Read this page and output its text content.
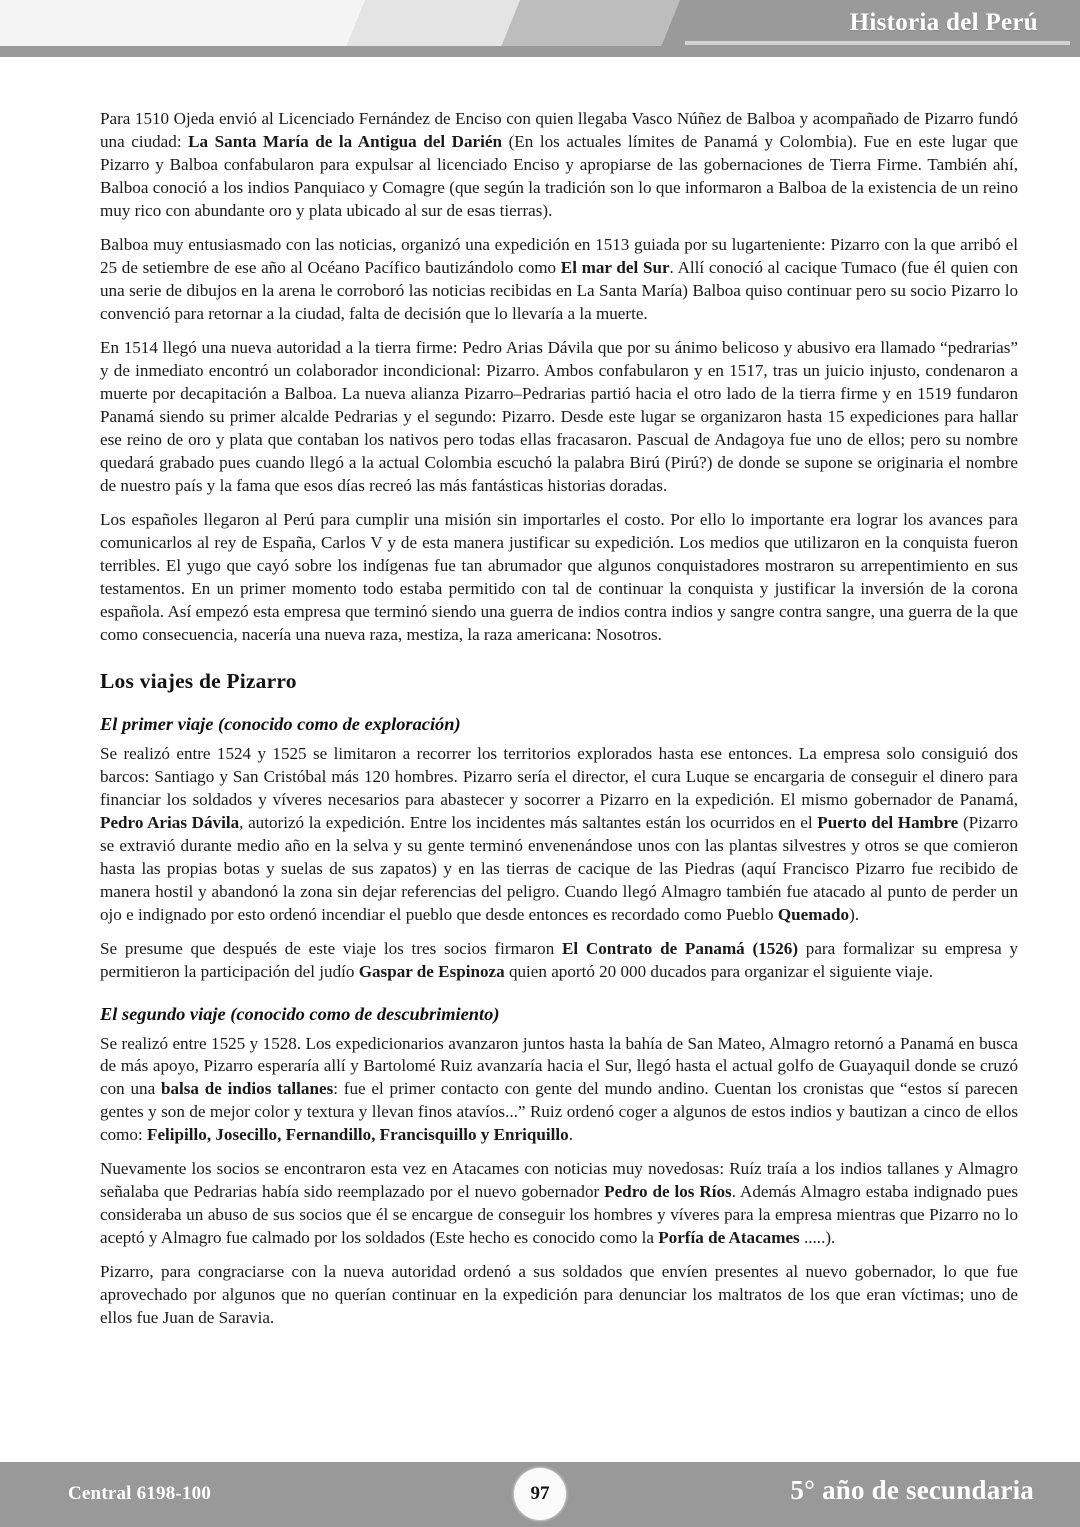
Historia del Perú

Para 1510 Ojeda envió al Licenciado Fernández de Enciso con quien llegaba Vasco Núñez de Balboa y acompañado de Pizarro fundó una ciudad: La Santa María de la Antigua del Darién (En los actuales límites de Panamá y Colombia). Fue en este lugar que Pizarro y Balboa confabularon para expulsar al licenciado Enciso y apropiarse de las gobernaciones de Tierra Firme. También ahí, Balboa conoció a los indios Panquiaco y Comagre (que según la tradición son lo que informaron a Balboa de la existencia de un reino muy rico con abundante oro y plata ubicado al sur de esas tierras).

Balboa muy entusiasmado con las noticias, organizó una expedición en 1513 guiada por su lugarteniente: Pizarro con la que arribó el 25 de setiembre de ese año al Océano Pacífico bautizándolo como El mar del Sur. Allí conoció al cacique Tumaco (fue él quien con una serie de dibujos en la arena le corroboró las noticias recibidas en La Santa María) Balboa quiso continuar pero su socio Pizarro lo convenció para retornar a la ciudad, falta de decisión que lo llevaría a la muerte.

En 1514 llegó una nueva autoridad a la tierra firme: Pedro Arias Dávila que por su ánimo belicoso y abusivo era llamado “pedrarias” y de inmediato encontró un colaborador incondicional: Pizarro. Ambos confabularon y en 1517, tras un juicio injusto, condenaron a muerte por decapitación a Balboa. La nueva alianza Pizarro–Pedrarias partió hacia el otro lado de la tierra firme y en 1519 fundaron Panamá siendo su primer alcalde Pedrarias y el segundo: Pizarro. Desde este lugar se organizaron hasta 15 expediciones para hallar ese reino de oro y plata que contaban los nativos pero todas ellas fracasaron. Pascual de Andagoya fue uno de ellos; pero su nombre quedará grabado pues cuando llegó a la actual Colombia escuchó la palabra Birú (Pirú?) de donde se supone se originaria el nombre de nuestro país y la fama que esos días recreó las más fantásticas historias doradas.

Los españoles llegaron al Perú para cumplir una misión sin importarles el costo. Por ello lo importante era lograr los avances para comunicarlos al rey de España, Carlos V y de esta manera justificar su expedición. Los medios que utilizaron en la conquista fueron terribles. El yugo que cayó sobre los indígenas fue tan abrumador que algunos conquistadores mostraron su arrepentimiento en sus testamentos. En un primer momento todo estaba permitido con tal de continuar la conquista y justificar la inversión de la corona española. Así empezó esta empresa que terminó siendo una guerra de indios contra indios y sangre contra sangre, una guerra de la que como consecuencia, nacería una nueva raza, mestiza, la raza americana: Nosotros.

Los viajes de Pizarro
El primer viaje (conocido como de exploración)

Se realizó entre 1524 y 1525 se limitaron a recorrer los territorios explorados hasta ese entonces. La empresa solo consiguió dos barcos: Santiago y San Cristóbal más 120 hombres. Pizarro sería el director, el cura Luque se encargaria de conseguir el dinero para financiar los soldados y víveres necesarios para abastecer y socorrer a Pizarro en la expedición. El mismo gobernador de Panamá, Pedro Arias Dávila, autorizó la expedición. Entre los incidentes más saltantes están los ocurridos en el Puerto del Hambre (Pizarro se extravió durante medio año en la selva y su gente terminó envenenándose unos con las plantas silvestres y otros se que comieron hasta las propias botas y suelas de sus zapatos) y en las tierras de cacique de las Piedras (aquí Francisco Pizarro fue recibido de manera hostil y abandonó la zona sin dejar referencias del peligro. Cuando llegó Almagro también fue atacado al punto de perder un ojo e indignado por esto ordenó incendiar el pueblo que desde entonces es recordado como Pueblo Quemado).

Se presume que después de este viaje los tres socios firmaron El Contrato de Panamá (1526) para formalizar su empresa y permitieron la participación del judío Gaspar de Espinoza quien aportó 20 000 ducados para organizar el siguiente viaje.

El segundo viaje (conocido como de descubrimiento)

Se realizó entre 1525 y 1528. Los expedicionarios avanzaron juntos hasta la bahía de San Mateo, Almagro retornó a Panamá en busca de más apoyo, Pizarro esperaría allí y Bartolomé Ruiz avanzaría hacia el Sur, llegó hasta el actual golfo de Guayaquil donde se cruzó con una balsa de indios tallanes: fue el primer contacto con gente del mundo andino. Cuentan los cronistas que “estos sí parecen gentes y son de mejor color y textura y llevan finos atavíos...” Ruiz ordenó coger a algunos de estos indios y bautizan a cinco de ellos como: Felipillo, Josecillo, Fernandillo, Francisquillo y Enriquillo.

Nuevamente los socios se encontraron esta vez en Atacames con noticias muy novedosas: Ruíz traía a los indios tallanes y Almagro señalaba que Pedrarias había sido reemplazado por el nuevo gobernador Pedro de los Ríos. Además Almagro estaba indignado pues consideraba un abuso de sus socios que él se encargue de conseguir los hombres y víveres para la empresa mientras que Pizarro no lo aceptó y Almagro fue calmado por los soldados (Este hecho es conocido como la Porfía de Atacames .....).

Pizarro, para congraciarse con la nueva autoridad ordenó a sus soldados que envíen presentes al nuevo gobernador, lo que fue aprovechado por algunos que no querían continuar en la expedición para denunciar los maltratos de los que eran víctimas; uno de ellos fue Juan de Saravia.

Central 6198-100	97	5° año de secundaria
